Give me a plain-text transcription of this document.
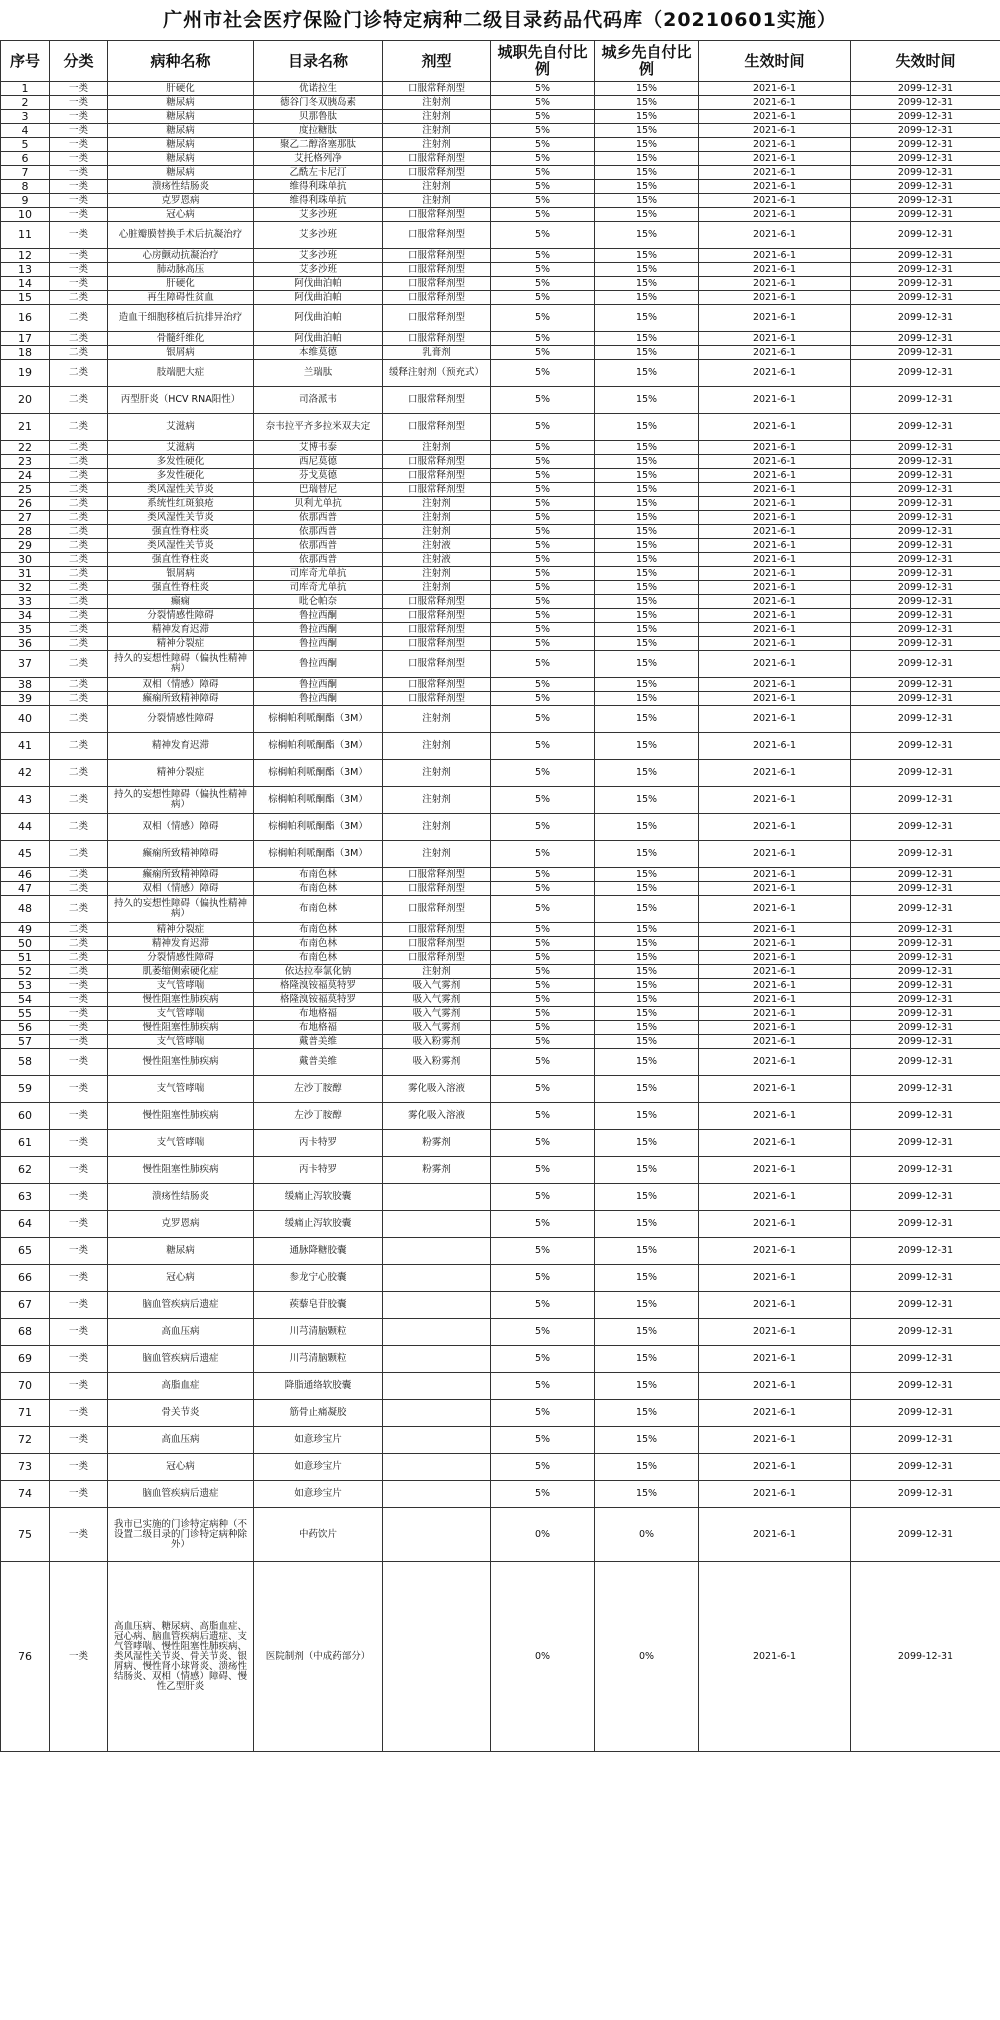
广州市社会医疗保险门诊特定病种二级目录药品代码库（20210601实施）
序号	分类	病种名称	目录名称	剂型	城职先自付比例	城乡先自付比例	生效时间	失效时间
1	一类	肝硬化	优诺拉生	口服常释剂型	5%	15%	2021-6-1	2099-12-31
2	一类	糖尿病	德谷门冬双胰岛素	注射剂	5%	15%	2021-6-1	2099-12-31
3	一类	糖尿病	贝那鲁肽	注射剂	5%	15%	2021-6-1	2099-12-31
4	一类	糖尿病	度拉糖肽	注射剂	5%	15%	2021-6-1	2099-12-31
5	一类	糖尿病	聚乙二醇洛塞那肽	注射剂	5%	15%	2021-6-1	2099-12-31
6	一类	糖尿病	艾托格列净	口服常释剂型	5%	15%	2021-6-1	2099-12-31
7	一类	糖尿病	乙酰左卡尼汀	口服常释剂型	5%	15%	2021-6-1	2099-12-31
8	一类	溃疡性结肠炎	维得利珠单抗	注射剂	5%	15%	2021-6-1	2099-12-31
9	一类	克罗恩病	维得利珠单抗	注射剂	5%	15%	2021-6-1	2099-12-31
10	一类	冠心病	艾多沙班	口服常释剂型	5%	15%	2021-6-1	2099-12-31
11	一类	心脏瓣膜替换手术后抗凝治疗	艾多沙班	口服常释剂型	5%	15%	2021-6-1	2099-12-31
12	一类	心房颤动抗凝治疗	艾多沙班	口服常释剂型	5%	15%	2021-6-1	2099-12-31
13	一类	肺动脉高压	艾多沙班	口服常释剂型	5%	15%	2021-6-1	2099-12-31
14	一类	肝硬化	阿伐曲泊帕	口服常释剂型	5%	15%	2021-6-1	2099-12-31
15	二类	再生障碍性贫血	阿伐曲泊帕	口服常释剂型	5%	15%	2021-6-1	2099-12-31
16	二类	造血干细胞移植后抗排异治疗	阿伐曲泊帕	口服常释剂型	5%	15%	2021-6-1	2099-12-31
17	二类	骨髓纤维化	阿伐曲泊帕	口服常释剂型	5%	15%	2021-6-1	2099-12-31
18	二类	银屑病	本维莫德	乳膏剂	5%	15%	2021-6-1	2099-12-31
19	二类	肢端肥大症	兰瑞肽	缓释注射剂（预充式）	5%	15%	2021-6-1	2099-12-31
20	二类	丙型肝炎（HCV RNA阳性）	司洛派韦	口服常释剂型	5%	15%	2021-6-1	2099-12-31
21	二类	艾滋病	奈韦拉平齐多拉米双夫定	口服常释剂型	5%	15%	2021-6-1	2099-12-31
22	二类	艾滋病	艾博韦泰	注射剂	5%	15%	2021-6-1	2099-12-31
23	二类	多发性硬化	西尼莫德	口服常释剂型	5%	15%	2021-6-1	2099-12-31
24	二类	多发性硬化	芬戈莫德	口服常释剂型	5%	15%	2021-6-1	2099-12-31
25	二类	类风湿性关节炎	巴瑞替尼	口服常释剂型	5%	15%	2021-6-1	2099-12-31
26	二类	系统性红斑狼疮	贝利尤单抗	注射剂	5%	15%	2021-6-1	2099-12-31
27	二类	类风湿性关节炎	依那西普	注射剂	5%	15%	2021-6-1	2099-12-31
28	二类	强直性脊柱炎	依那西普	注射剂	5%	15%	2021-6-1	2099-12-31
29	二类	类风湿性关节炎	依那西普	注射液	5%	15%	2021-6-1	2099-12-31
30	二类	强直性脊柱炎	依那西普	注射液	5%	15%	2021-6-1	2099-12-31
31	二类	银屑病	司库奇尤单抗	注射剂	5%	15%	2021-6-1	2099-12-31
32	二类	强直性脊柱炎	司库奇尤单抗	注射剂	5%	15%	2021-6-1	2099-12-31
33	二类	癫痫	吡仑帕奈	口服常释剂型	5%	15%	2021-6-1	2099-12-31
34	二类	分裂情感性障碍	鲁拉西酮	口服常释剂型	5%	15%	2021-6-1	2099-12-31
35	二类	精神发育迟滞	鲁拉西酮	口服常释剂型	5%	15%	2021-6-1	2099-12-31
36	二类	精神分裂症	鲁拉西酮	口服常释剂型	5%	15%	2021-6-1	2099-12-31
37	二类	持久的妄想性障碍（偏执性精神病）	鲁拉西酮	口服常释剂型	5%	15%	2021-6-1	2099-12-31
38	二类	双相（情感）障碍	鲁拉西酮	口服常释剂型	5%	15%	2021-6-1	2099-12-31
39	二类	癫痫所致精神障碍	鲁拉西酮	口服常释剂型	5%	15%	2021-6-1	2099-12-31
40	二类	分裂情感性障碍	棕榈帕利哌酮酯（3M）	注射剂	5%	15%	2021-6-1	2099-12-31
41	二类	精神发育迟滞	棕榈帕利哌酮酯（3M）	注射剂	5%	15%	2021-6-1	2099-12-31
42	二类	精神分裂症	棕榈帕利哌酮酯（3M）	注射剂	5%	15%	2021-6-1	2099-12-31
43	二类	持久的妄想性障碍（偏执性精神病）	棕榈帕利哌酮酯（3M）	注射剂	5%	15%	2021-6-1	2099-12-31
44	二类	双相（情感）障碍	棕榈帕利哌酮酯（3M）	注射剂	5%	15%	2021-6-1	2099-12-31
45	二类	癫痫所致精神障碍	棕榈帕利哌酮酯（3M）	注射剂	5%	15%	2021-6-1	2099-12-31
46	二类	癫痫所致精神障碍	布南色林	口服常释剂型	5%	15%	2021-6-1	2099-12-31
47	二类	双相（情感）障碍	布南色林	口服常释剂型	5%	15%	2021-6-1	2099-12-31
48	二类	持久的妄想性障碍（偏执性精神病）	布南色林	口服常释剂型	5%	15%	2021-6-1	2099-12-31
49	二类	精神分裂症	布南色林	口服常释剂型	5%	15%	2021-6-1	2099-12-31
50	二类	精神发育迟滞	布南色林	口服常释剂型	5%	15%	2021-6-1	2099-12-31
51	二类	分裂情感性障碍	布南色林	口服常释剂型	5%	15%	2021-6-1	2099-12-31
52	二类	肌萎缩侧索硬化症	依达拉奉氯化钠	注射剂	5%	15%	2021-6-1	2099-12-31
53	一类	支气管哮喘	格隆溴铵福莫特罗	吸入气雾剂	5%	15%	2021-6-1	2099-12-31
54	一类	慢性阻塞性肺疾病	格隆溴铵福莫特罗	吸入气雾剂	5%	15%	2021-6-1	2099-12-31
55	一类	支气管哮喘	布地格福	吸入气雾剂	5%	15%	2021-6-1	2099-12-31
56	一类	慢性阻塞性肺疾病	布地格福	吸入气雾剂	5%	15%	2021-6-1	2099-12-31
57	一类	支气管哮喘	戴普美维	吸入粉雾剂	5%	15%	2021-6-1	2099-12-31
58	一类	慢性阻塞性肺疾病	戴普美维	吸入粉雾剂	5%	15%	2021-6-1	2099-12-31
59	一类	支气管哮喘	左沙丁胺醇	雾化吸入溶液	5%	15%	2021-6-1	2099-12-31
60	一类	慢性阻塞性肺疾病	左沙丁胺醇	雾化吸入溶液	5%	15%	2021-6-1	2099-12-31
61	一类	支气管哮喘	丙卡特罗	粉雾剂	5%	15%	2021-6-1	2099-12-31
62	一类	慢性阻塞性肺疾病	丙卡特罗	粉雾剂	5%	15%	2021-6-1	2099-12-31
63	一类	溃疡性结肠炎	缓痛止泻软胶囊		5%	15%	2021-6-1	2099-12-31
64	一类	克罗恩病	缓痛止泻软胶囊		5%	15%	2021-6-1	2099-12-31
65	一类	糖尿病	通脉降糖胶囊		5%	15%	2021-6-1	2099-12-31
66	一类	冠心病	参龙宁心胶囊		5%	15%	2021-6-1	2099-12-31
67	一类	脑血管疾病后遗症	蒺藜皂苷胶囊		5%	15%	2021-6-1	2099-12-31
68	一类	高血压病	川芎清脑颗粒		5%	15%	2021-6-1	2099-12-31
69	一类	脑血管疾病后遗症	川芎清脑颗粒		5%	15%	2021-6-1	2099-12-31
70	一类	高脂血症	降脂通络软胶囊		5%	15%	2021-6-1	2099-12-31
71	一类	骨关节炎	筋骨止痛凝胶		5%	15%	2021-6-1	2099-12-31
72	一类	高血压病	如意珍宝片		5%	15%	2021-6-1	2099-12-31
73	一类	冠心病	如意珍宝片		5%	15%	2021-6-1	2099-12-31
74	一类	脑血管疾病后遗症	如意珍宝片		5%	15%	2021-6-1	2099-12-31
75	一类	我市已实施的门诊特定病种（不设置二级目录的门诊特定病种除外）	中药饮片		0%	0%	2021-6-1	2099-12-31
76	一类	高血压病、糖尿病、高脂血症、冠心病、脑血管疾病后遗症、支气管哮喘、慢性阻塞性肺疾病、类风湿性关节炎、骨关节炎、银屑病、慢性肾小球肾炎、溃疡性结肠炎、双相（情感）障碍、慢性乙型肝炎	医院制剂（中成药部分）		0%	0%	2021-6-1	2099-12-31
